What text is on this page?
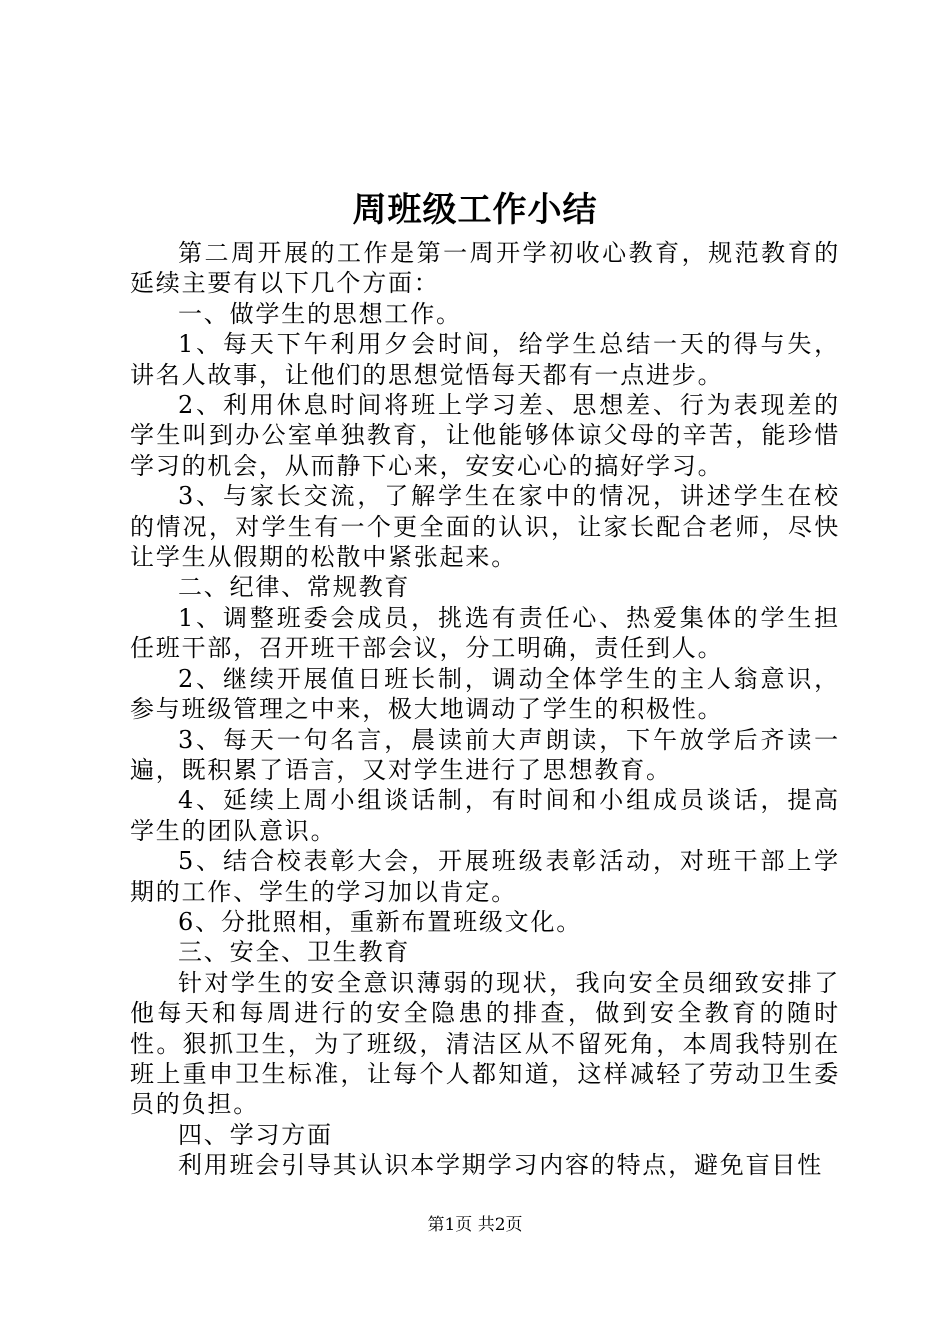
周班级工作小结

第二周开展的工作是第一周开学初收心教育，规范教育的延续主要有以下几个方面：

一、做学生的思想工作。

1、每天下午利用夕会时间，给学生总结一天的得与失，讲名人故事，让他们的思想觉悟每天都有一点进步。

2、利用休息时间将班上学习差、思想差、行为表现差的学生叫到办公室单独教育，让他能够体谅父母的辛苦，能珍惜学习的机会，从而静下心来，安安心心的搞好学习。

3、与家长交流，了解学生在家中的情况，讲述学生在校的情况，对学生有一个更全面的认识，让家长配合老师，尽快让学生从假期的松散中紧张起来。

二、纪律、常规教育

1、调整班委会成员，挑选有责任心、热爱集体的学生担任班干部，召开班干部会议，分工明确，责任到人。

2、继续开展值日班长制，调动全体学生的主人翁意识，参与班级管理之中来，极大地调动了学生的积极性。

3、每天一句名言，晨读前大声朗读，下午放学后齐读一遍，既积累了语言，又对学生进行了思想教育。

4、延续上周小组谈话制，有时间和小组成员谈话，提高学生的团队意识。

5、结合校表彰大会，开展班级表彰活动，对班干部上学期的工作、学生的学习加以肯定。

6、分批照相，重新布置班级文化。

三、安全、卫生教育

针对学生的安全意识薄弱的现状，我向安全员细致安排了他每天和每周进行的安全隐患的排查，做到安全教育的随时性。狠抓卫生，为了班级，清洁区从不留死角，本周我特别在班上重申卫生标准，让每个人都知道，这样减轻了劳动卫生委员的负担。

四、学习方面

利用班会引导其认识本学期学习内容的特点，避免盲目性

第1页 共2页
